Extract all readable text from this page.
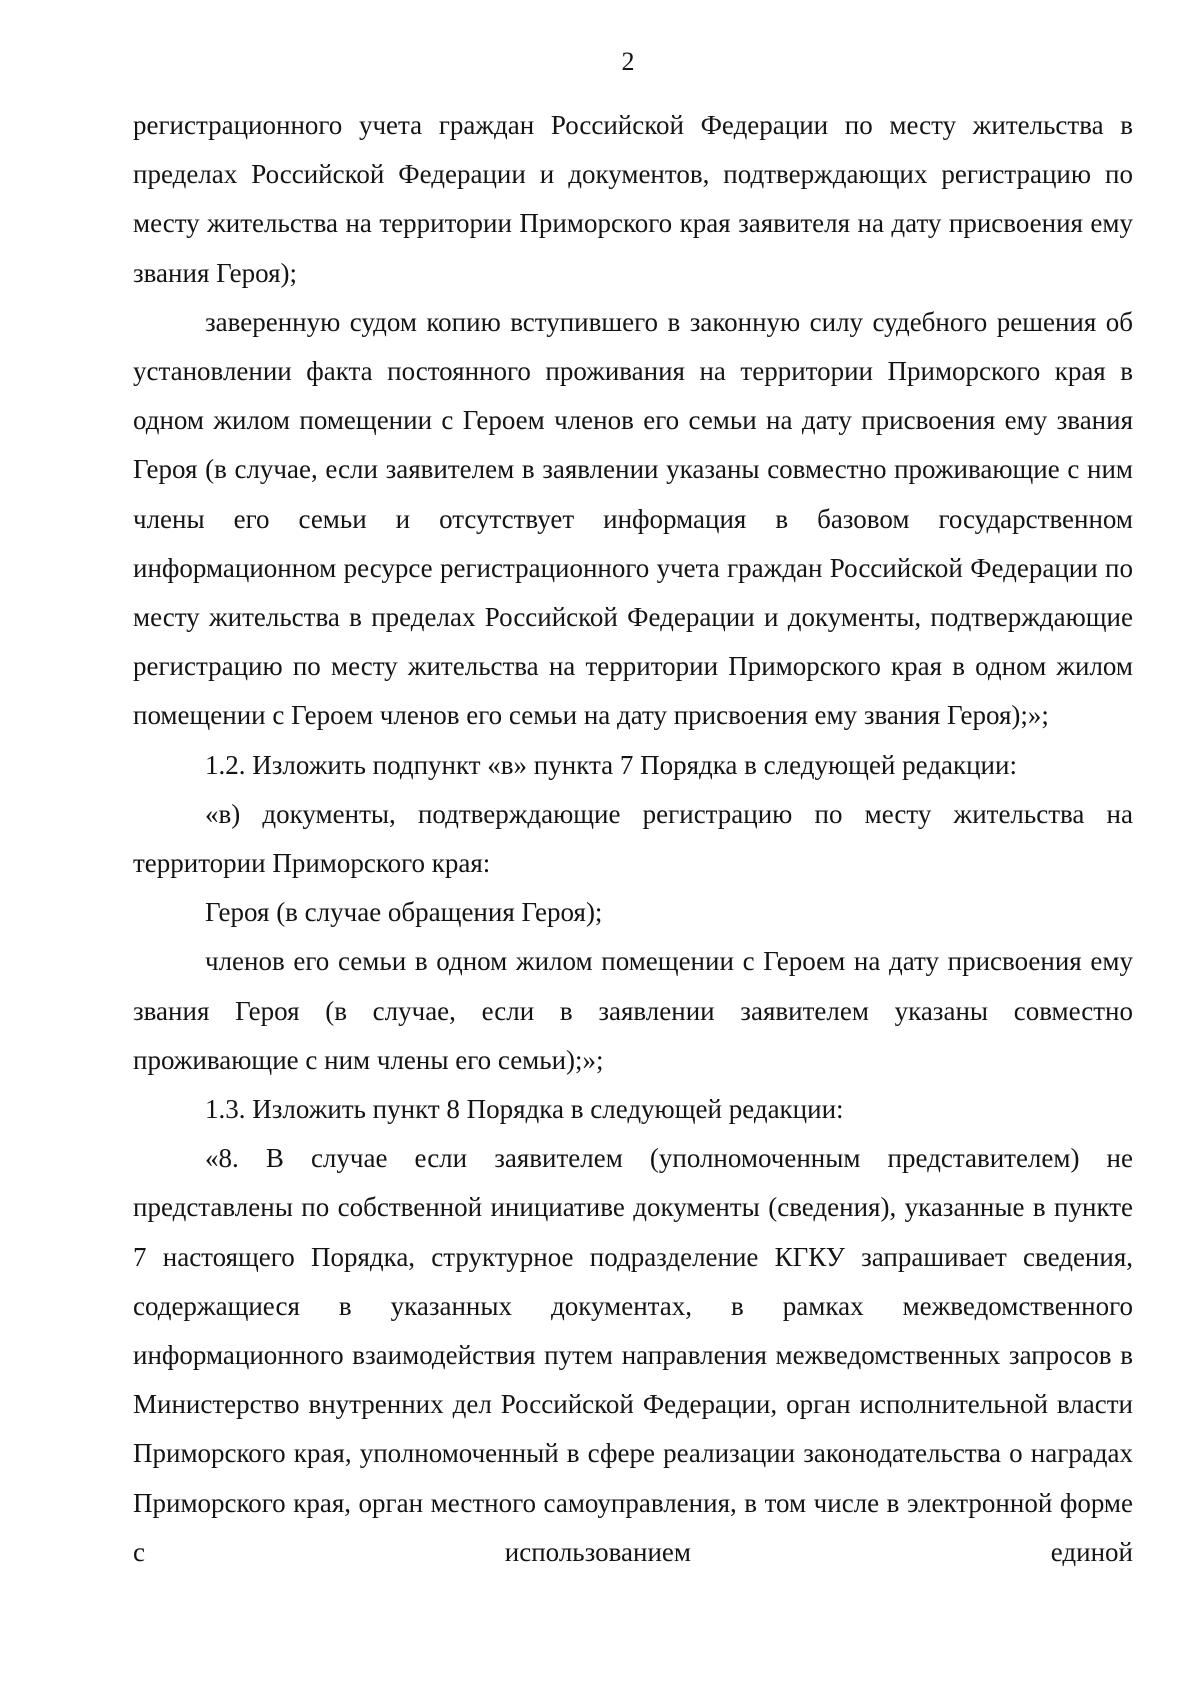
2

регистрационного учета граждан Российской Федерации по месту жительства в пределах Российской Федерации и документов, подтверждающих регистрацию по месту жительства на территории Приморского края заявителя на дату присвоения ему звания Героя);

заверенную судом копию вступившего в законную силу судебного решения об установлении факта постоянного проживания на территории Приморского края в одном жилом помещении с Героем членов его семьи на дату присвоения ему звания Героя (в случае, если заявителем в заявлении указаны совместно проживающие с ним члены его семьи и отсутствует информация в базовом государственном информационном ресурсе регистрационного учета граждан Российской Федерации по месту жительства в пределах Российской Федерации и документы, подтверждающие регистрацию по месту жительства на территории Приморского края в одном жилом помещении с Героем членов его семьи на дату присвоения ему звания Героя);»;

1.2. Изложить подпункт «в» пункта 7 Порядка в следующей редакции:

«в) документы, подтверждающие регистрацию по месту жительства на территории Приморского края:

Героя (в случае обращения Героя);

членов его семьи в одном жилом помещении с Героем на дату присвоения ему звания Героя (в случае, если в заявлении заявителем указаны совместно проживающие с ним члены его семьи);»;

1.3. Изложить пункт 8 Порядка в следующей редакции:

«8. В случае если заявителем (уполномоченным представителем) не представлены по собственной инициативе документы (сведения), указанные в пункте 7 настоящего Порядка, структурное подразделение КГКУ запрашивает сведения, содержащиеся в указанных документах, в рамках межведомственного информационного взаимодействия путем направления межведомственных запросов в Министерство внутренних дел Российской Федерации, орган исполнительной власти Приморского края, уполномоченный в сфере реализации законодательства о наградах Приморского края, орган местного самоуправления, в том числе в электронной форме с использованием единой
